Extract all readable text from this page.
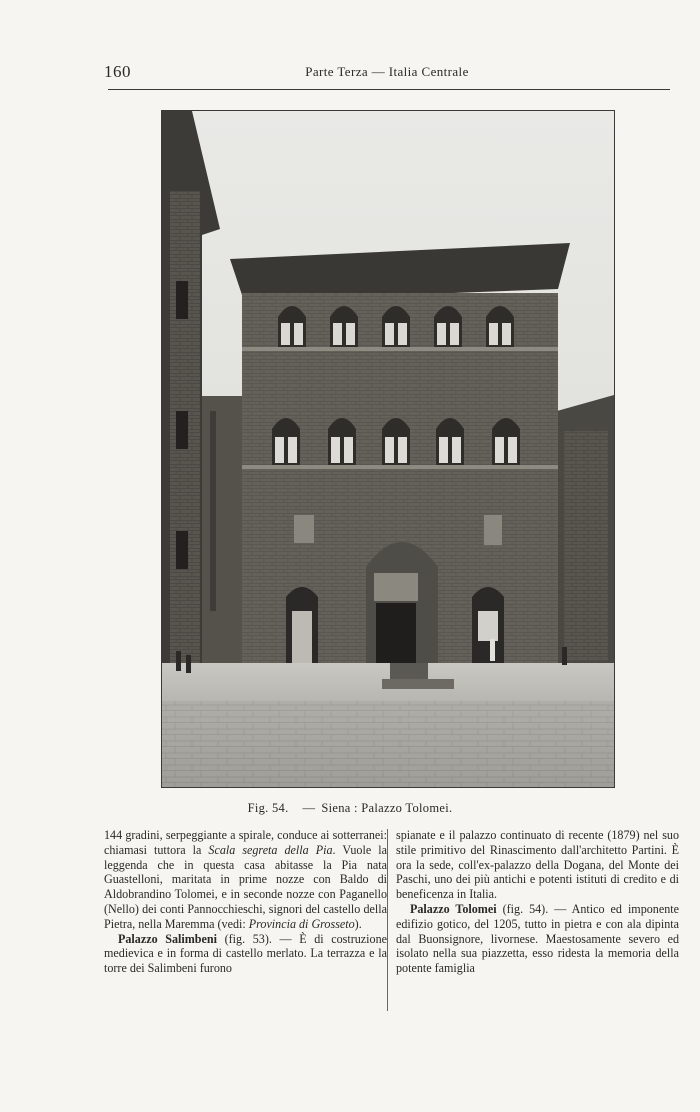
160	Parte Terza — Italia Centrale
Fig. 54. — Siena : Palazzo Tolomei.

144 gradini, serpeggiante a spirale, conduce ai sotterranei: chiamasi tuttora la Scala segreta della Pia. Vuole la leggenda che in questa casa abitasse la Pia nata Guastelloni, maritata in prime nozze con Baldo di Aldobrandino Tolomei, e in seconde nozze con Paganello (Nello) dei conti Pannocchieschi, signori del castello della Pietra, nella Maremma (vedi: Provincia di Grosseto).

Palazzo Salimbeni (fig. 53). — È di costruzione medievica e in forma di castello merlato. La terrazza e la torre dei Salimbeni furono

spianate e il palazzo continuato di recente (1879) nel suo stile primitivo del Rinascimento dall'architetto Partini. È ora la sede, coll'ex-palazzo della Dogana, del Monte dei Paschi, uno dei più antichi e potenti istituti di credito e di beneficenza in Italia.

Palazzo Tolomei (fig. 54). — Antico ed imponente edifizio gotico, del 1205, tutto in pietra e con ala dipinta dal Buonsignore, livornese. Maestosamente severo ed isolato nella sua piazzetta, esso ridesta la memoria della potente famiglia
